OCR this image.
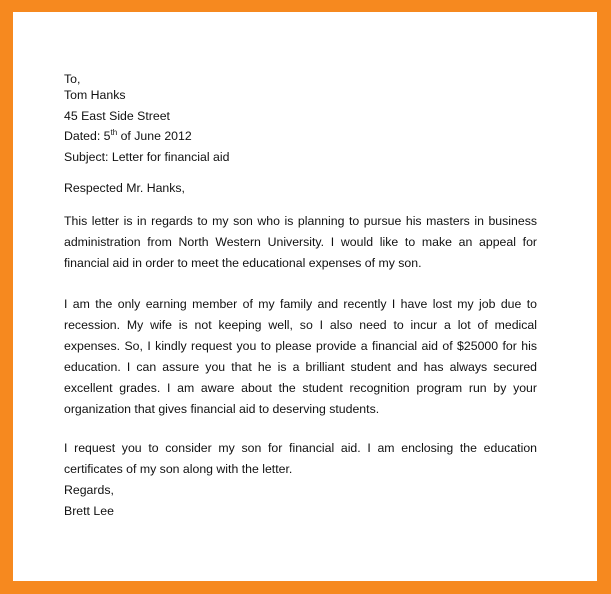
To,
Tom Hanks
45 East Side Street
Dated: 5th of June 2012
Subject: Letter for financial aid
Respected Mr. Hanks,

This letter is in regards to my son who is planning to pursue his masters in business administration from North Western University. I would like to make an appeal for financial aid in order to meet the educational expenses of my son.

I am the only earning member of my family and recently I have lost my job due to recession. My wife is not keeping well, so I also need to incur a lot of medical expenses. So, I kindly request you to please provide a financial aid of $25000 for his education. I can assure you that he is a brilliant student and has always secured excellent grades. I am aware about the student recognition program run by your organization that gives financial aid to deserving students.

I request you to consider my son for financial aid. I am enclosing the education certificates of my son along with the letter.

Regards,
Brett Lee
